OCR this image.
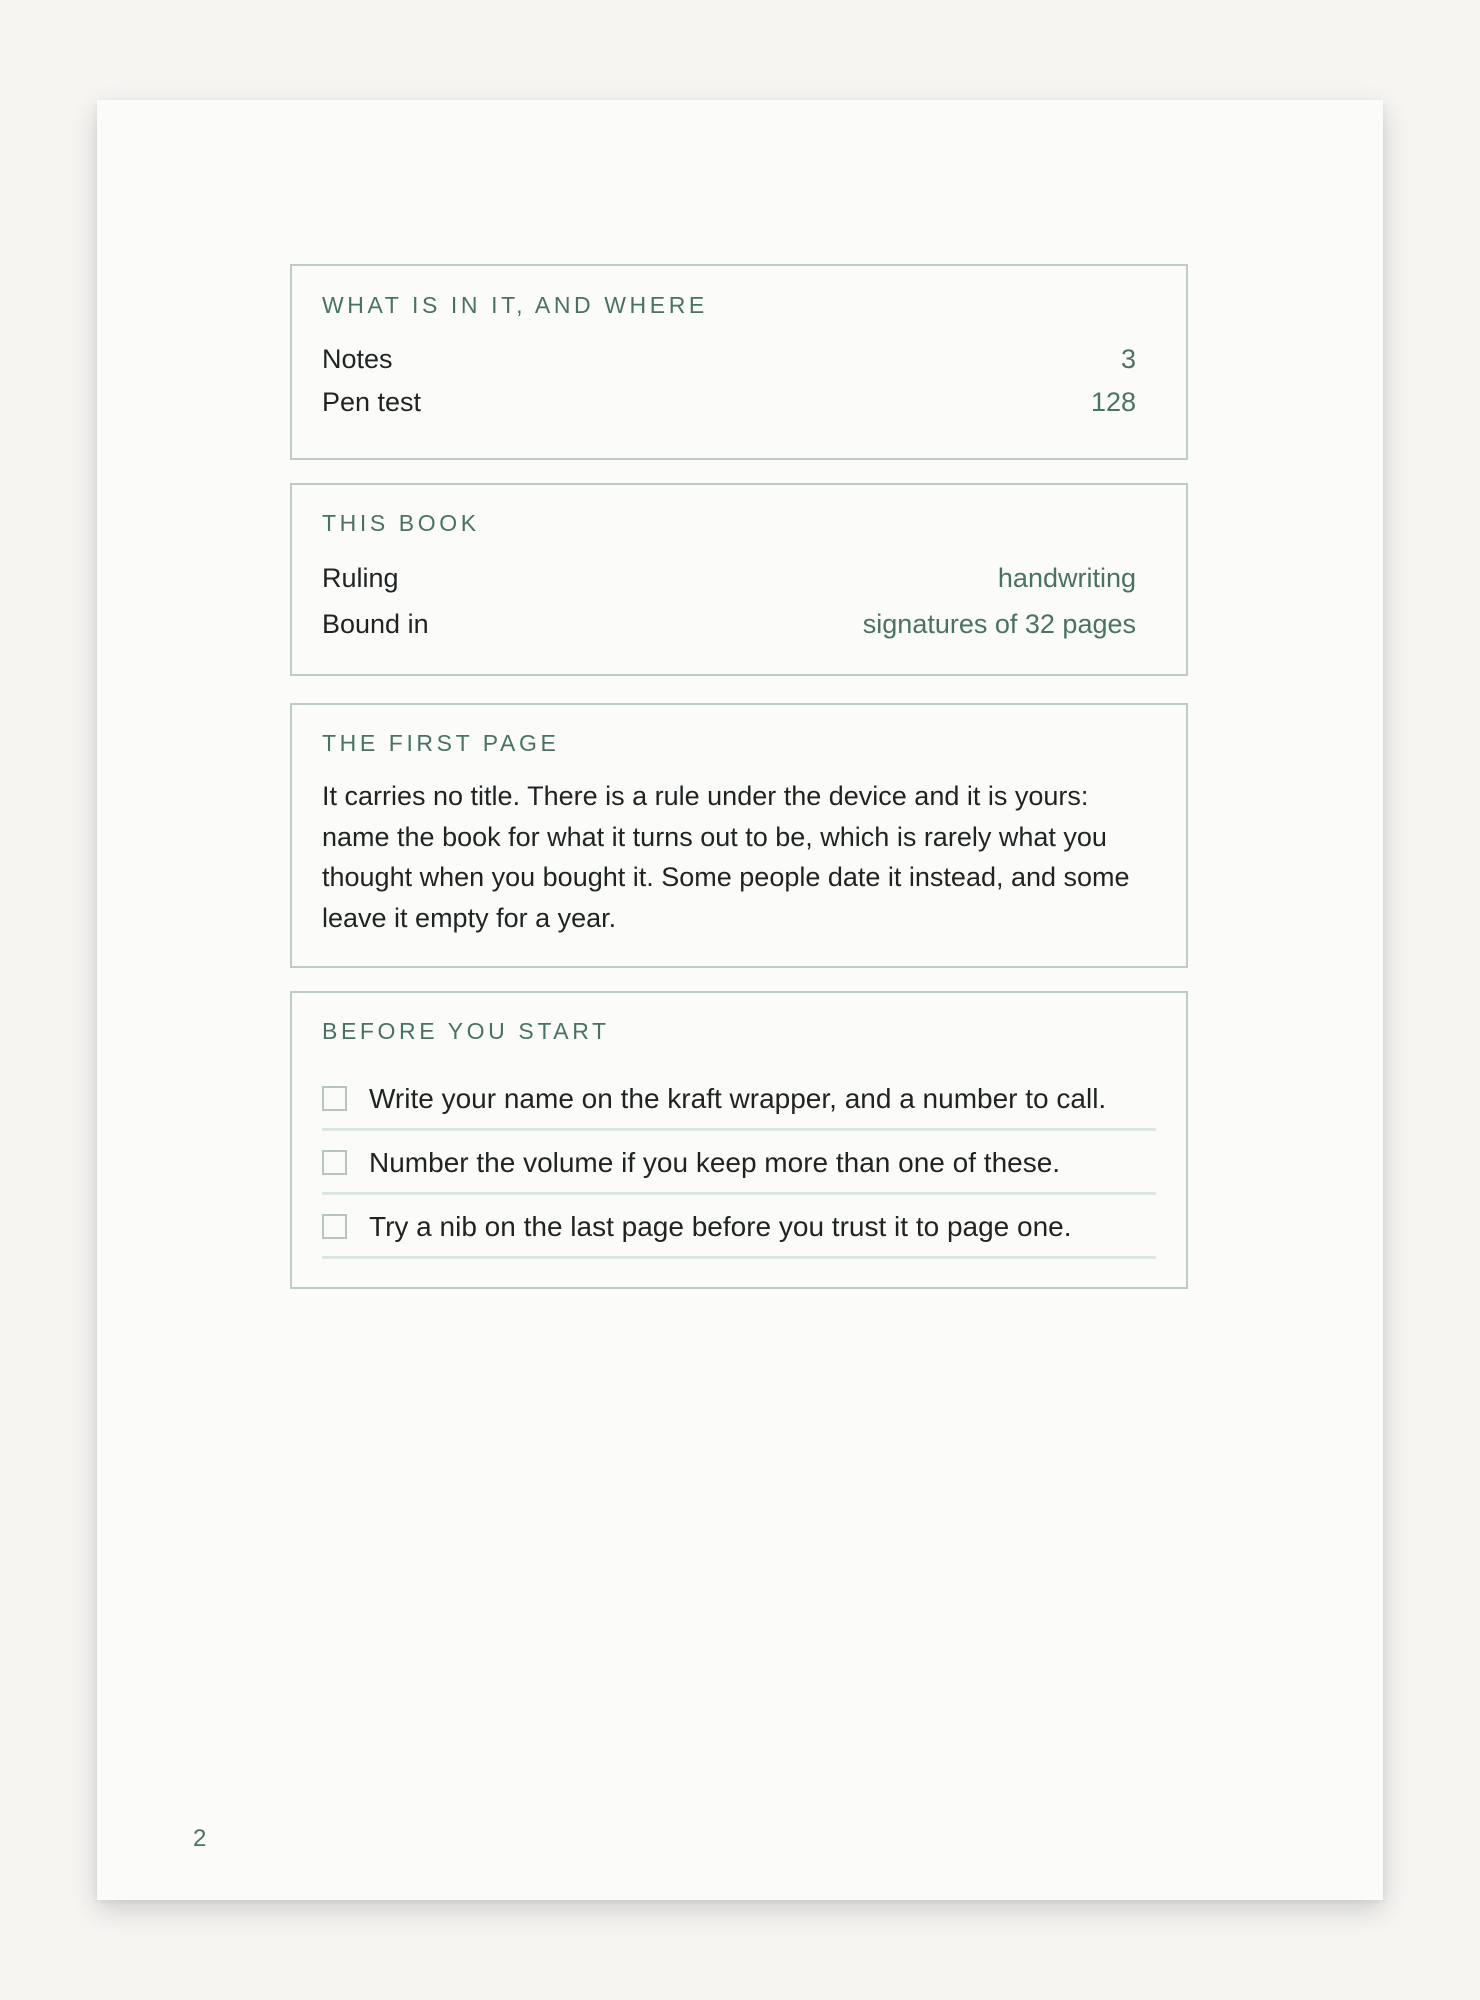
WHAT IS IN IT, AND WHERE
Notes	3
Pen test	128
THIS BOOK
Ruling	handwriting
Bound in	signatures of 32 pages
THE FIRST PAGE

It carries no title. There is a rule under the device and it is yours: name the book for what it turns out to be, which is rarely what you thought when you bought it. Some people date it instead, and some leave it empty for a year.

BEFORE YOU START
Write your name on the kraft wrapper, and a number to call.
Number the volume if you keep more than one of these.
Try a nib on the last page before you trust it to page one.
2
